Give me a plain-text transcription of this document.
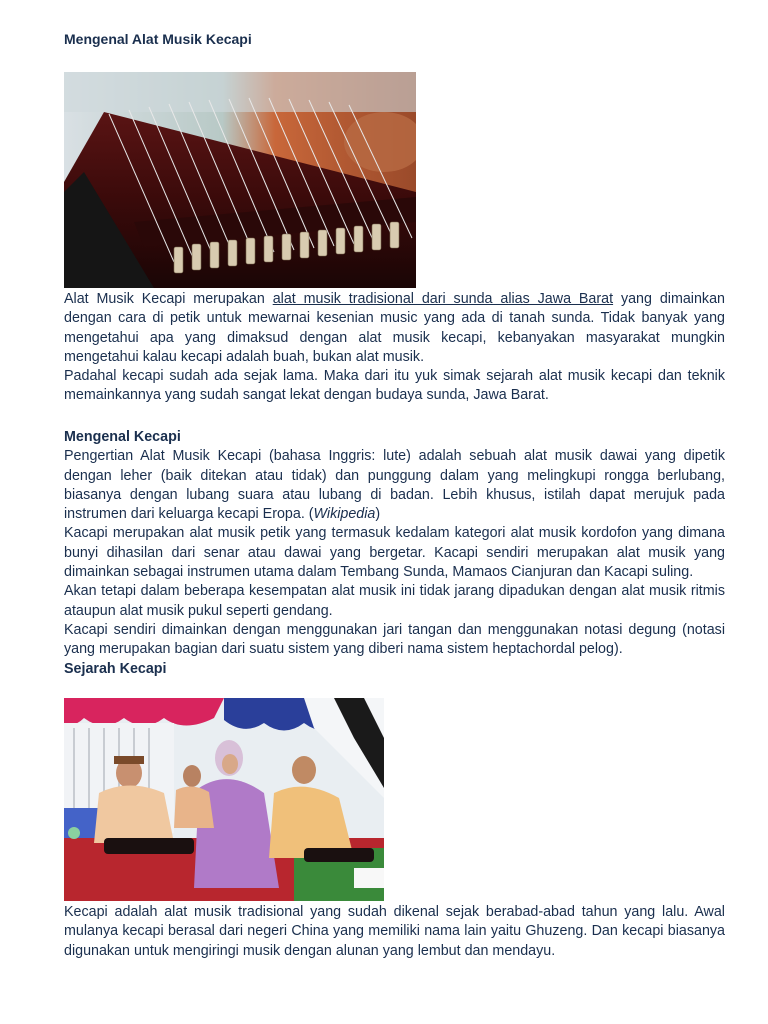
Mengenal Alat Musik Kecapi

Alat Musik Kecapi merupakan alat musik tradisional dari sunda alias Jawa Barat yang dimainkan dengan cara di petik untuk mewarnai kesenian music yang ada di tanah sunda. Tidak banyak yang mengetahui apa yang dimaksud dengan alat musik kecapi, kebanyakan masyarakat mungkin mengetahui kalau kecapi adalah buah, bukan alat musik.

Padahal kecapi sudah ada sejak lama. Maka dari itu yuk simak sejarah alat musik kecapi dan teknik memainkannya yang sudah sangat lekat dengan budaya sunda, Jawa Barat.

Mengenal Kecapi

Pengertian Alat Musik Kecapi (bahasa Inggris: lute) adalah sebuah alat musik dawai yang dipetik dengan leher (baik ditekan atau tidak) dan punggung dalam yang melingkupi rongga berlubang, biasanya dengan lubang suara atau lubang di badan. Lebih khusus, istilah dapat merujuk pada instrumen dari keluarga kecapi Eropa. (Wikipedia)

Kacapi merupakan alat musik petik yang termasuk kedalam kategori alat musik kordofon yang dimana bunyi dihasilan dari senar atau dawai yang bergetar. Kacapi sendiri merupakan alat musik yang dimainkan sebagai instrumen utama dalam Tembang Sunda, Mamaos Cianjuran dan Kacapi suling.

Akan tetapi dalam beberapa kesempatan alat musik ini tidak jarang dipadukan dengan alat musik ritmis ataupun alat musik pukul seperti gendang.

Kacapi sendiri dimainkan dengan menggunakan jari tangan dan menggunakan notasi degung (notasi yang merupakan bagian dari suatu sistem yang diberi nama sistem heptachordal pelog).

Sejarah Kecapi

Kecapi adalah alat musik tradisional yang sudah dikenal sejak berabad-abad tahun yang lalu. Awal mulanya kecapi berasal dari negeri China yang memiliki nama lain yaitu Ghuzeng. Dan kecapi biasanya digunakan untuk mengiringi musik dengan alunan yang lembut dan mendayu.
